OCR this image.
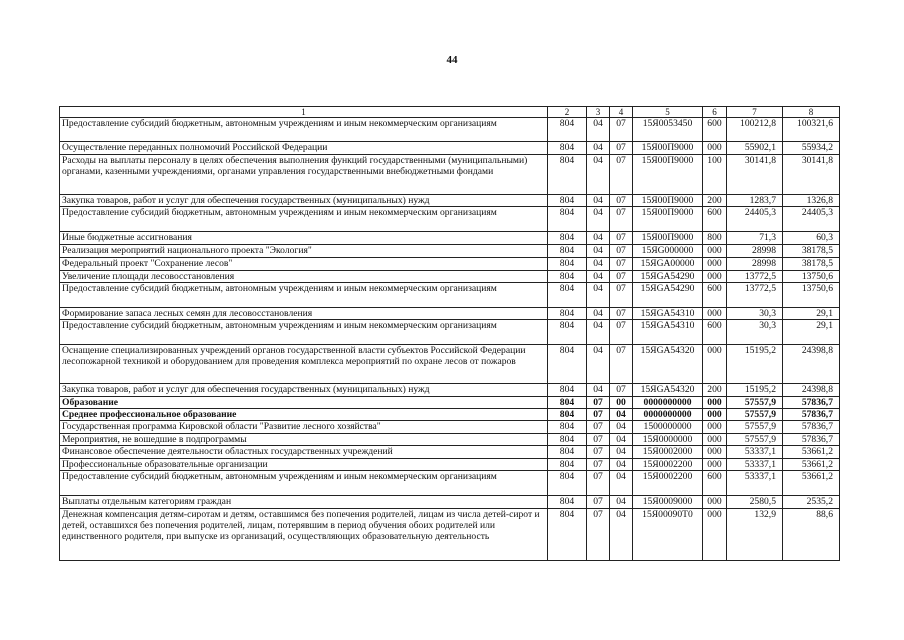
44
1	2	3	4	5	6	7	8
Предоставление субсидий бюджетным, автономным учреждениям и иным некоммерческим организациям	804	04	07	15Я0053450	600	100212,8	100321,6
Осуществление переданных полномочий Российской Федерации	804	04	07	15Я00П9000	000	55902,1	55934,2
Расходы на выплаты персоналу в целях обеспечения выполнения функций государственными (муниципальными) органами, казенными учреждениями, органами управления государственными внебюджетными фондами	804	04	07	15Я00П9000	100	30141,8	30141,8
Закупка товаров, работ и услуг для обеспечения государственных (муниципальных) нужд	804	04	07	15Я00П9000	200	1283,7	1326,8
Предоставление субсидий бюджетным, автономным учреждениям и иным некоммерческим организациям	804	04	07	15Я00П9000	600	24405,3	24405,3
Иные бюджетные ассигнования	804	04	07	15Я00П9000	800	71,3	60,3
Реализация мероприятий национального проекта "Экология"	804	04	07	15ЯG000000	000	28998	38178,5
Федеральный проект "Сохранение лесов"	804	04	07	15ЯGA00000	000	28998	38178,5
Увеличение площади лесовосстановления	804	04	07	15ЯGA54290	000	13772,5	13750,6
Предоставление субсидий бюджетным, автономным учреждениям и иным некоммерческим организациям	804	04	07	15ЯGA54290	600	13772,5	13750,6
Формирование запаса лесных семян для лесовосстановления	804	04	07	15ЯGA54310	000	30,3	29,1
Предоставление субсидий бюджетным, автономным учреждениям и иным некоммерческим организациям	804	04	07	15ЯGA54310	600	30,3	29,1
Оснащение специализированных учреждений органов государственной власти субъектов Российской Федерации лесопожарной техникой и оборудованием для проведения комплекса мероприятий по охране лесов от пожаров	804	04	07	15ЯGA54320	000	15195,2	24398,8
Закупка товаров, работ и услуг для обеспечения государственных (муниципальных) нужд	804	04	07	15ЯGA54320	200	15195,2	24398,8
Образование	804	07	00	0000000000	000	57557,9	57836,7
Среднее профессиональное образование	804	07	04	0000000000	000	57557,9	57836,7
Государственная программа Кировской области "Развитие лесного хозяйства"	804	07	04	1500000000	000	57557,9	57836,7
Мероприятия, не вошедшие в подпрограммы	804	07	04	15Я0000000	000	57557,9	57836,7
Финансовое обеспечение деятельности областных государственных учреждений	804	07	04	15Я0002000	000	53337,1	53661,2
Профессиональные образовательные организации	804	07	04	15Я0002200	000	53337,1	53661,2
Предоставление субсидий бюджетным, автономным учреждениям и иным некоммерческим организациям	804	07	04	15Я0002200	600	53337,1	53661,2
Выплаты отдельным категориям граждан	804	07	04	15Я0009000	000	2580,5	2535,2
Денежная компенсация детям-сиротам и детям, оставшимся без попечения родителей, лицам из числа детей-сирот и детей, оставшихся без попечения родителей, лицам, потерявшим в период обучения обоих родителей или единственного родителя, при выпуске из организаций, осуществляющих образовательную деятельность	804	07	04	15Я00090Т0	000	132,9	88,6
